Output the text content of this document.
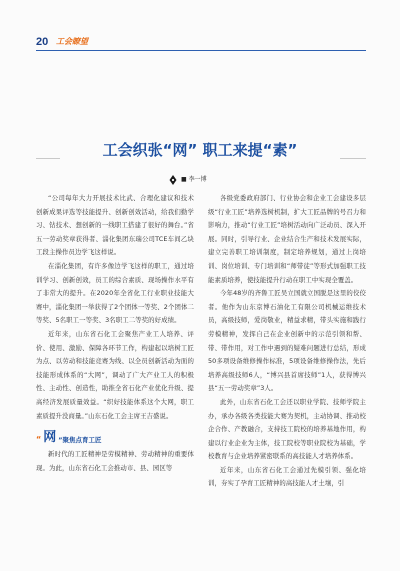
20 工会瞭望
工会织张“网” 职工来提“素”
■ 李一博

“公司每年大力开展技术比武、合理化建议和技术创新成果评选等技能提升、创新创效活动，给我们勤学习、钻技术、想创新的一线职工搭建了很好的舞台。”省五一劳动奖章获得者、淄化集团东瑞公司TCE车间乙块工段主操作员边学飞这样说。

在淄化集团，有许多像边学飞这样的职工，通过培训学习、创新创效，员工的综合素质、现场操作水平有了非常大的提升。在2020年全省化工行业职业技能大赛中，淄化集团一举获得了2个团体一等奖、2个团体二等奖、5名职工一等奖、3名职工二等奖的好成绩。

近年来，山东省石化工会聚焦产业工人培养、评价、使用、激励、保障各环节工作，构建起以培树工匠为点、以劳动和技能竞赛为线、以全员创新活动为面的技能形成体系的“大网”，调动了广大产业工人的积极性、主动性、创造性，助推全省石化产业优化升级、提高经济发展质量效益。“织好技能体系这个大网，职工素质提升没商量。”山东石化工会主席王吉盛说。

“ 网 ”聚焦点育工匠

新时代的工匠精神是劳模精神、劳动精神的重要体现。为此，山东省石化工会推动市、县、园区等

各级党委政府部门、行业协会和企业工会建设多层级“行业工匠”培养选树机制，扩大工匠品牌的号召力和影响力，推动“行业工匠”培树活动向广泛动员、深入开展。同时，引导行业、企业结合生产和技术发展实际，建立完善职工培训制度，制定培养规划，通过上岗培训、岗位培训、专门培训和“师带徒”等形式加强职工技能素质培养，使技能提升行动在职工中实现全覆盖。

今年48岁的齐鲁工匠吴立国就立国脱是这里的佼佼者。他作为山东京博石油化工有限公司机械运维技术员，高级技师，爱岗敬业，精益求精，带头实施和践行劳模精神，发挥自己在企业创新中的示范引领和帮、带、带作用，对工作中遇到的疑难问题进行总结，形成50多项设备维修操作标准，5项设备维修操作法，先后培养高级技师6人，“博兴县首席技师”1人，获得博兴县“五一劳动奖章”3人。

此外，山东省石化工会还以职业学院、技师学院主办，承办各级各类技能大赛为契机，主动协调、推动校企合作、产教融合，支持技工院校的培养基地作用，构建以行业企业为主体，技工院校等职业院校为基础，学校教育与企业培养紧密联系的高技能人才培养体系。

近年来，山东省石化工会通过先模引领、强化培训，夯实了孕育工匠精神的高技能人才土壤，引
